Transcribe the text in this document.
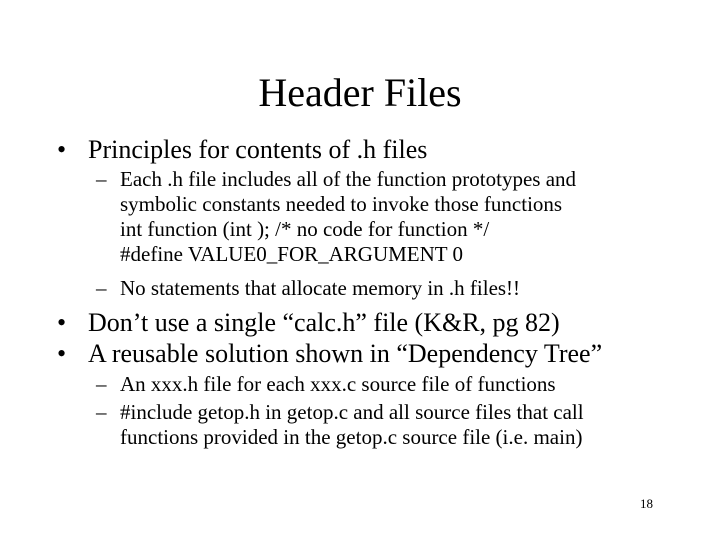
Header Files
• Principles for contents of .h files
– Each .h file includes all of the function prototypes and
symbolic constants needed to invoke those functions
int function (int ); /* no code for function */
#define VALUE0_FOR_ARGUMENT 0
– No statements that allocate memory in .h files!!
• Don’t use a single “calc.h” file (K&R, pg 82)
• A reusable solution shown in “Dependency Tree”
– An xxx.h file for each xxx.c source file of functions
– #include getop.h in getop.c and all source files that call
functions provided in the getop.c source file (i.e. main)
18
